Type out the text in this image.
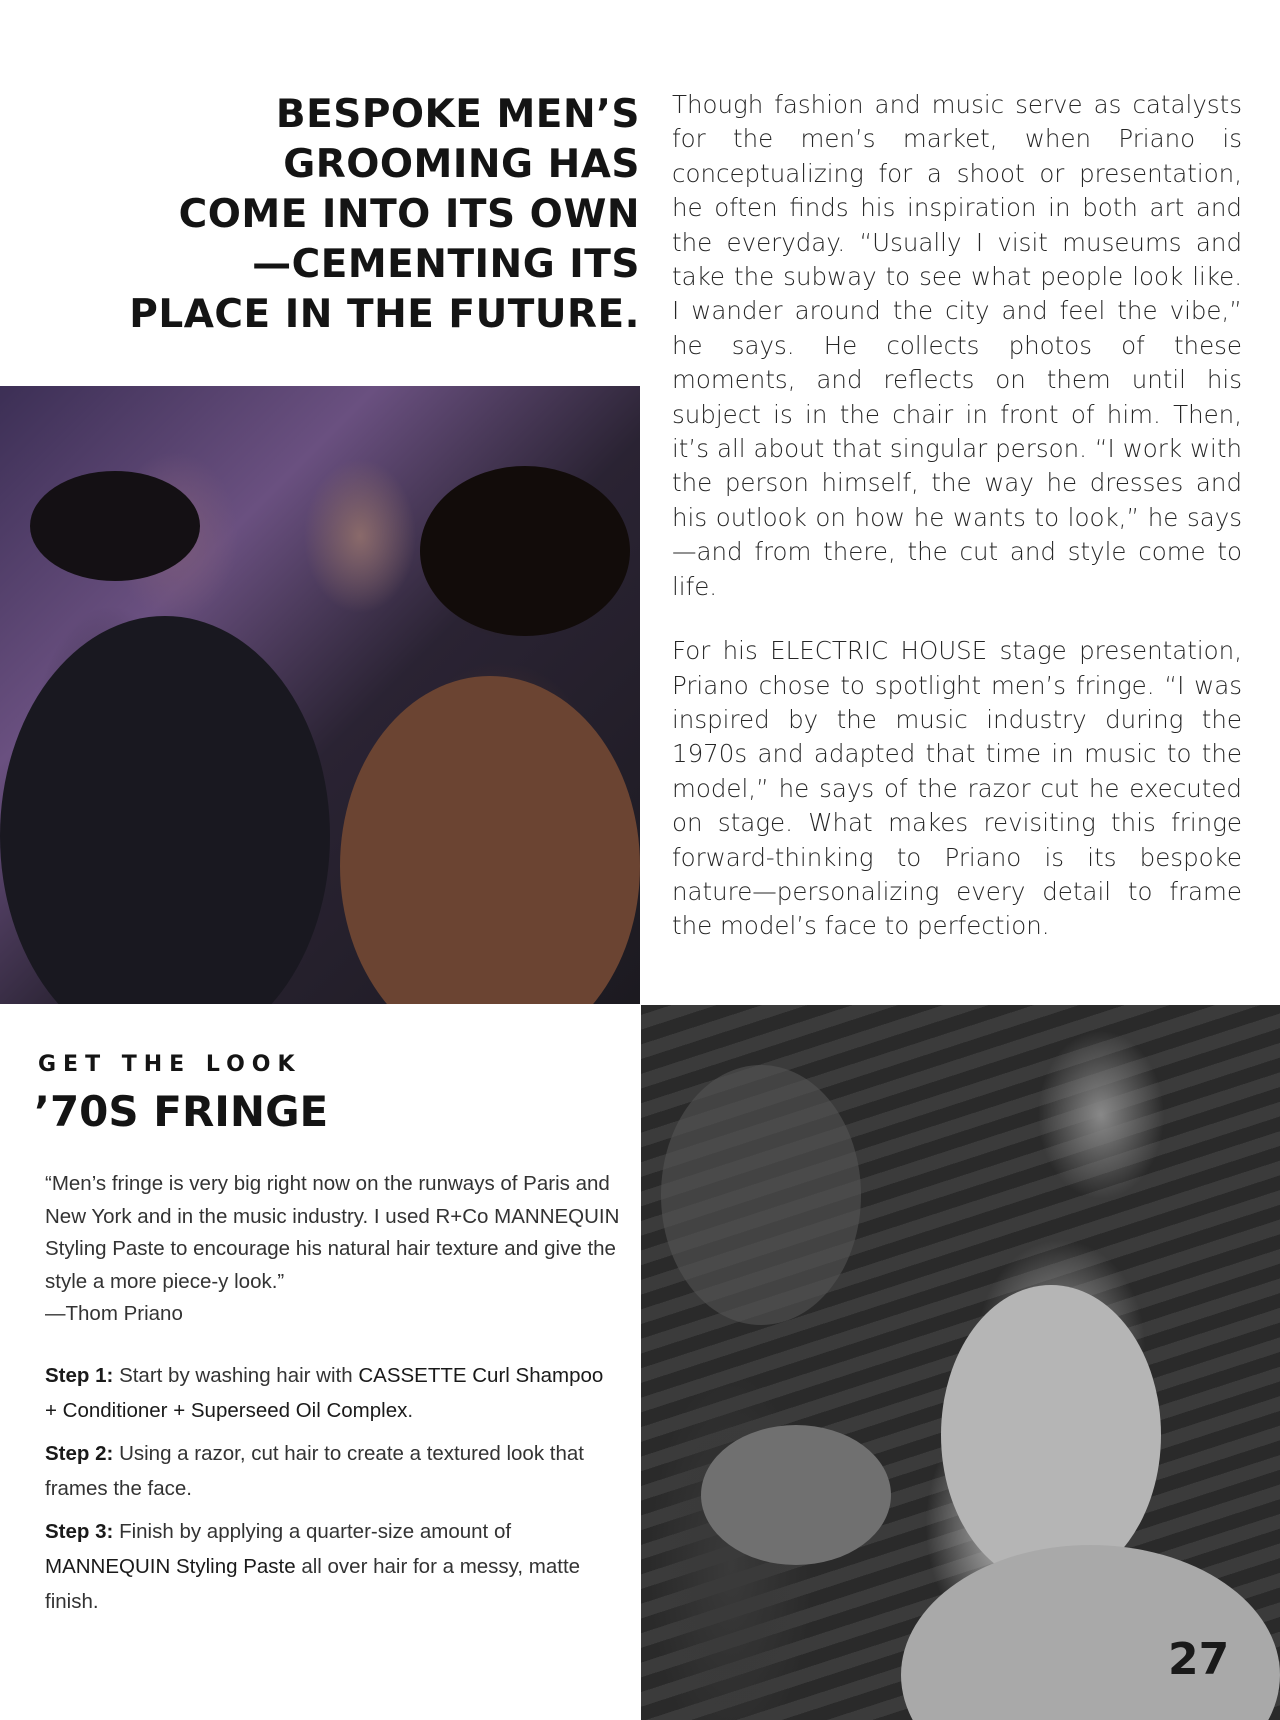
BESPOKE MEN’S
GROOMING HAS
COME INTO ITS OWN
—CEMENTING ITS
PLACE IN THE FUTURE.

Though fashion and music serve as catalysts for the men’s market, when Priano is conceptualizing for a shoot or presentation, he often finds his inspiration in both art and the everyday. “Usually I visit museums and take the subway to see what people look like. I wander around the city and feel the vibe,” he says. He collects photos of these moments, and reflects on them until his subject is in the chair in front of him. Then, it’s all about that singular person. “I work with the person himself, the way he dresses and his outlook on how he wants to look,” he says—and from there, the cut and style come to life.

For his ELECTRIC HOUSE stage presentation, Priano chose to spotlight men’s fringe. “I was inspired by the music industry during the 1970s and adapted that time in music to the model,” he says of the razor cut he executed on stage. What makes revisiting this fringe forward-thinking to Priano is its bespoke nature—personalizing every detail to frame the model’s face to perfection.

GET THE LOOK
’70S FRINGE

“Men’s fringe is very big right now on the runways of Paris and New York and in the music industry. I used R+Co MANNEQUIN Styling Paste to encourage his natural hair texture and give the style a more piece-y look.”
—Thom Priano

Step 1: Start by washing hair with CASSETTE Curl Shampoo + Conditioner + Superseed Oil Complex.

Step 2: Using a razor, cut hair to create a textured look that frames the face.

Step 3: Finish by applying a quarter-size amount of MANNEQUIN Styling Paste all over hair for a messy, matte finish.

27
